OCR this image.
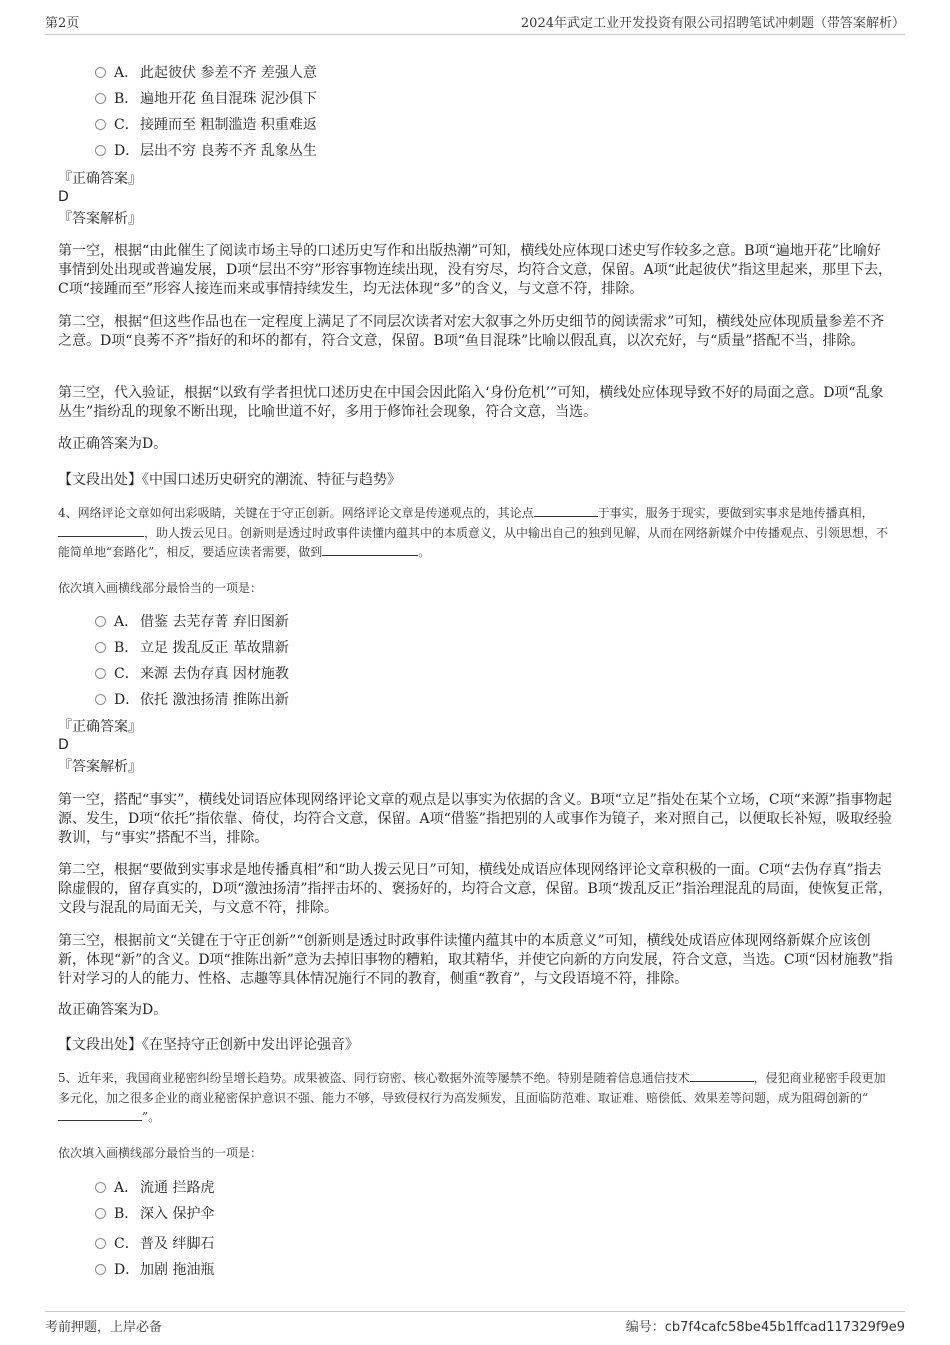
第2页	2024年武定工业开发投资有限公司招聘笔试冲刺题（带答案解析）
A． 此起彼伏 参差不齐 差强人意
B． 遍地开花 鱼目混珠 泥沙俱下
C．接踵而至 粗制滥造 积重难返
D．层出不穷 良莠不齐 乱象丛生
『正确答案』
D
『答案解析』

第一空，根据“由此催生了阅读市场主导的口述历史写作和出版热潮”可知，横线处应体现口述史写作较多之意。B项“遍地开花”比喻好事情到处出现或普遍发展，D项“层出不穷”形容事物连续出现，没有穷尽，均符合文意，保留。A项“此起彼伏”指这里起来，那里下去，C项“接踵而至”形容人接连而来或事情持续发生，均无法体现“多”的含义，与文意不符，排除。

第二空，根据“但这些作品也在一定程度上满足了不同层次读者对宏大叙事之外历史细节的阅读需求”可知，横线处应体现质量参差不齐之意。D项“良莠不齐”指好的和坏的都有，符合文意，保留。B项“鱼目混珠”比喻以假乱真，以次充好，与“质量”搭配不当，排除。

第三空，代入验证，根据“以致有学者担忧口述历史在中国会因此陷入‘身份危机’”可知，横线处应体现导致不好的局面之意。D项“乱象丛生”指纷乱的现象不断出现，比喻世道不好，多用于修饰社会现象，符合文意，当选。

故正确答案为D。

【文段出处】《中国口述历史研究的潮流、特征与趋势》

4、网络评论文章如何出彩吸睛，关键在于守正创新。网络评论文章是传递观点的，其论点	于事实，服务于现实，要做到实事求是地传播真相，，助人拨云见日。创新则是透过时政事件读懂内蕴其中的本质意义，从中输出自己的独到见解，从而在网络新媒介中传播观点、引领思想，不能简单地“套路化”，相反，要适应读者需要，做到	。

依次填入画横线部分最恰当的一项是：
A． 借鉴 去芜存菁 弃旧图新
B． 立足 拨乱反正 革故鼎新
C．来源 去伪存真 因材施教
D．依托 激浊扬清 推陈出新
『正确答案』
D
『答案解析』

第一空，搭配“事实”，横线处词语应体现网络评论文章的观点是以事实为依据的含义。B项“立足”指处在某个立场，C项“来源”指事物起源、发生，D项“依托”指依靠、倚仗，均符合文意，保留。A项“借鉴”指把别的人或事作为镜子，来对照自己，以便取长补短，吸取经验教训，与“事实”搭配不当，排除。

第二空，根据“要做到实事求是地传播真相”和“助人拨云见日”可知，横线处成语应体现网络评论文章积极的一面。C项“去伪存真”指去除虚假的，留存真实的，D项“激浊扬清”指抨击坏的、褒扬好的，均符合文意，保留。B项“拨乱反正”指治理混乱的局面，使恢复正常，文段与混乱的局面无关，与文意不符，排除。

第三空，根据前文“关键在于守正创新”“创新则是透过时政事件读懂内蕴其中的本质意义”可知，横线处成语应体现网络新媒介应该创新，体现“新”的含义。D项“推陈出新”意为去掉旧事物的糟粕，取其精华，并使它向新的方向发展，符合文意，当选。C项“因材施教”指针对学习的人的能力、性格、志趣等具体情况施行不同的教育，侧重“教育”，与文段语境不符，排除。

故正确答案为D。

【文段出处】《在坚持守正创新中发出评论强音》

5、近年来，我国商业秘密纠纷呈增长趋势。成果被盗、同行窃密、核心数据外流等屡禁不绝。特别是随着信息通信技术	，侵犯商业秘密手段更加多元化，加之很多企业的商业秘密保护意识不强、能力不够，导致侵权行为高发频发，且面临防范难、取证难、赔偿低、效果差等问题，成为阻碍创新的“”。

依次填入画横线部分最恰当的一项是：
A． 流通 拦路虎
B． 深入 保护伞
C．普及 绊脚石
D．加剧 拖油瓶
考前押题，上岸必备	编号：cb7f4cafc58be45b1ffcad117329f9e9
